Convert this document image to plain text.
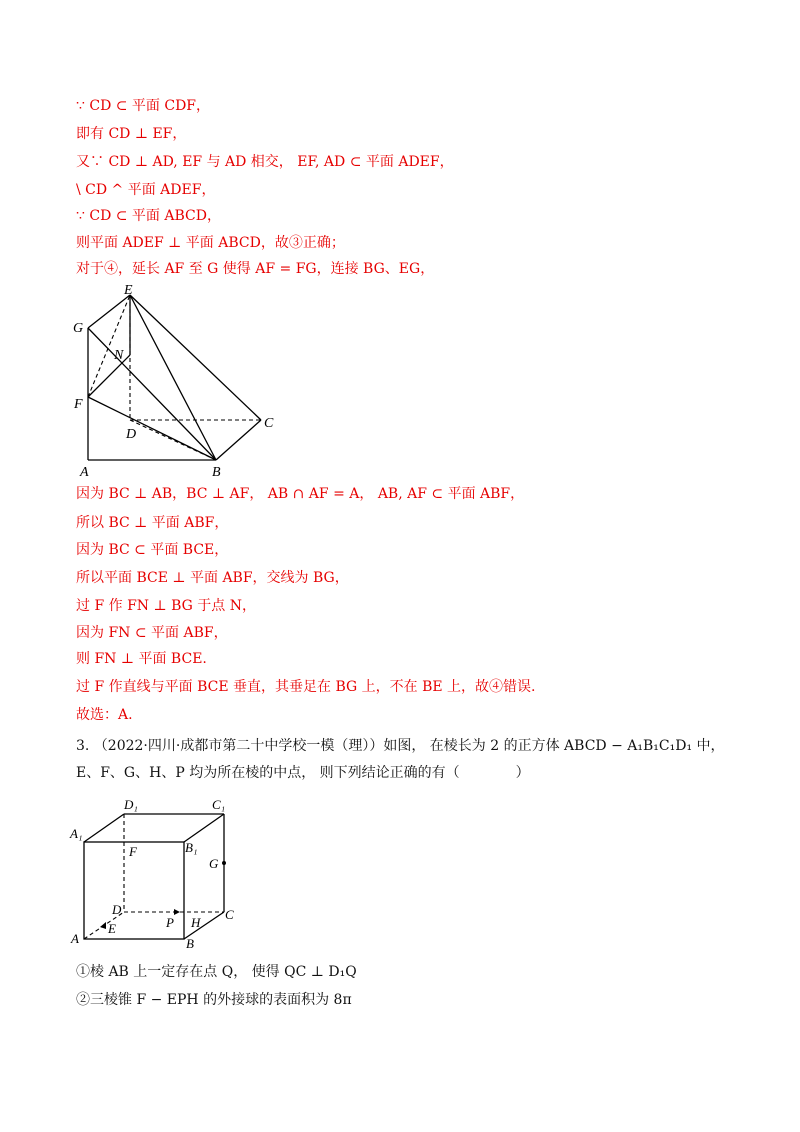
∵ CD ⊂ 平面 CDF，
即有 CD ⊥ EF，
又∵ CD ⊥ AD, EF 与 AD 相交， EF, AD ⊂ 平面 ADEF，
\ CD ^ 平面 ADEF，
∵ CD ⊂ 平面 ABCD，
则平面 ADEF ⊥ 平面 ABCD，故③正确；
对于④，延长 AF 至 G 使得 AF = FG，连接 BG、EG，
E
G
N
F
D
C
A	B
因为 BC ⊥ AB，BC ⊥ AF， AB ∩ AF = A， AB, AF ⊂ 平面 ABF，
所以 BC ⊥ 平面 ABF，
因为 BC ⊂ 平面 BCE，
所以平面 BCE ⊥ 平面 ABF，交线为 BG，
过 F 作 FN ⊥ BG 于点 N，
因为 FN ⊂ 平面 ABF，
则 FN ⊥ 平面 BCE.
过 F 作直线与平面 BCE 垂直，其垂足在 BG 上，不在 BE 上，故④错误.
故选：A.
3. （2022·四川·成都市第二十中学校一模（理））如图， 在棱长为 2 的正方体 ABCD − A₁B₁C₁D₁ 中，
E、F、G、H、P 均为所在棱的中点， 则下列结论正确的有（　　　　）
D₁	C₁
A₁
B₁
F
G
D	C
P H
E
A	B
①棱 AB 上一定存在点 Q， 使得 QC ⊥ D₁Q
②三棱锥 F − EPH 的外接球的表面积为 8π
